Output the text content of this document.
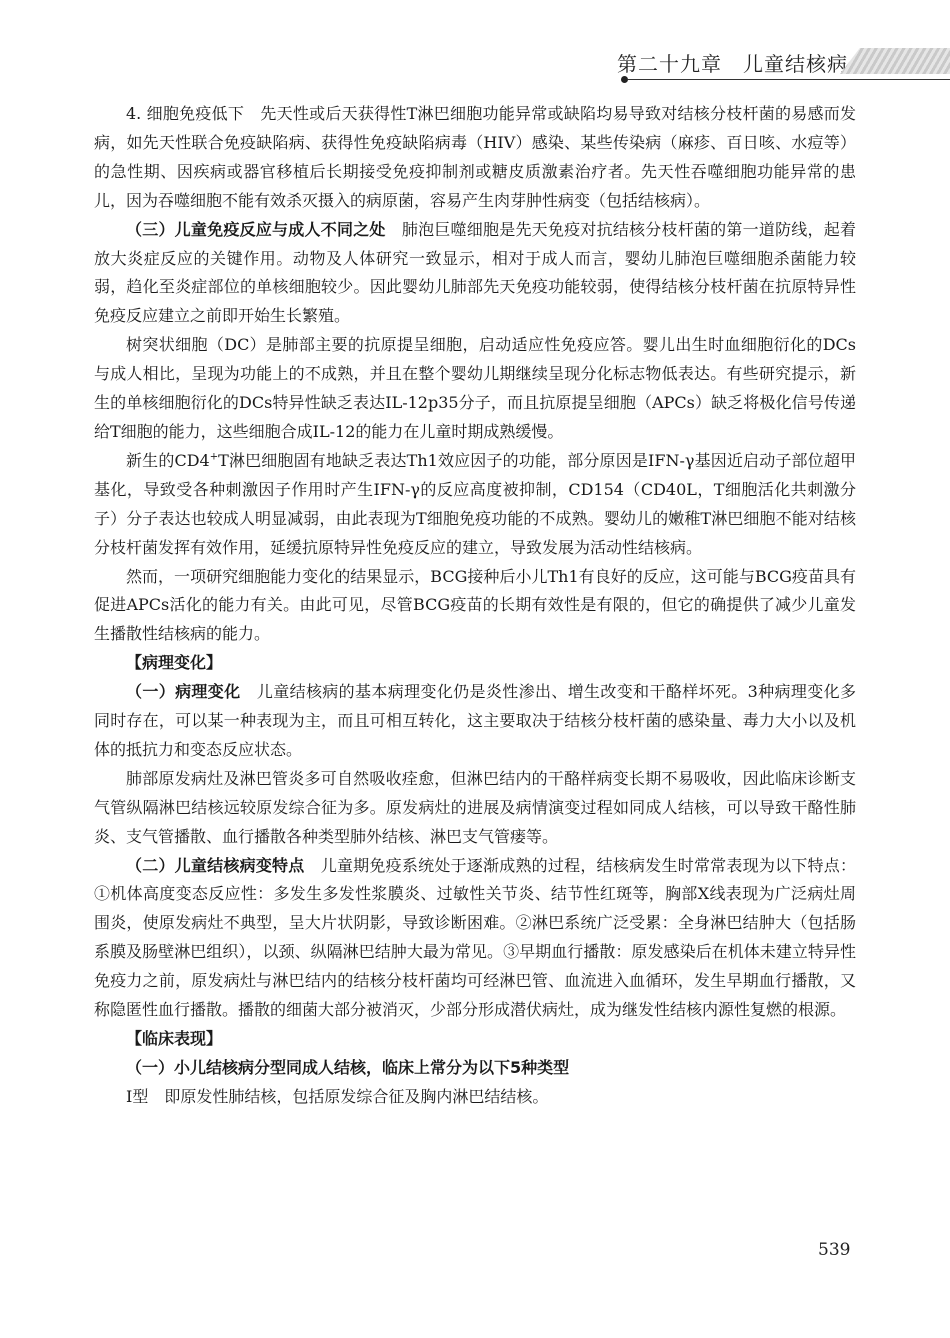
第二十九章　儿童结核病

4. 细胞免疫低下　先天性或后天获得性T淋巴细胞功能异常或缺陷均易导致对结核分枝杆菌的易感而发病，如先天性联合免疫缺陷病、获得性免疫缺陷病毒（HIV）感染、某些传染病（麻疹、百日咳、水痘等）的急性期、因疾病或器官移植后长期接受免疫抑制剂或糖皮质激素治疗者。先天性吞噬细胞功能异常的患儿，因为吞噬细胞不能有效杀灭摄入的病原菌，容易产生肉芽肿性病变（包括结核病）。

（三）儿童免疫反应与成人不同之处　肺泡巨噬细胞是先天免疫对抗结核分枝杆菌的第一道防线，起着放大炎症反应的关键作用。动物及人体研究一致显示，相对于成人而言，婴幼儿肺泡巨噬细胞杀菌能力较弱，趋化至炎症部位的单核细胞较少。因此婴幼儿肺部先天免疫功能较弱，使得结核分枝杆菌在抗原特异性免疫反应建立之前即开始生长繁殖。

树突状细胞（DC）是肺部主要的抗原提呈细胞，启动适应性免疫应答。婴儿出生时血细胞衍化的DCs与成人相比，呈现为功能上的不成熟，并且在整个婴幼儿期继续呈现分化标志物低表达。有些研究提示，新生的单核细胞衍化的DCs特异性缺乏表达IL-12p35分子，而且抗原提呈细胞（APCs）缺乏将极化信号传递给T细胞的能力，这些细胞合成IL-12的能力在儿童时期成熟缓慢。

新生的CD4+T淋巴细胞固有地缺乏表达Th1效应因子的功能，部分原因是IFN-γ基因近启动子部位超甲基化，导致受各种刺激因子作用时产生IFN-γ的反应高度被抑制，CD154（CD40L，T细胞活化共刺激分子）分子表达也较成人明显减弱，由此表现为T细胞免疫功能的不成熟。婴幼儿的嫩稚T淋巴细胞不能对结核分枝杆菌发挥有效作用，延缓抗原特异性免疫反应的建立，导致发展为活动性结核病。

然而，一项研究细胞能力变化的结果显示，BCG接种后小儿Th1有良好的反应，这可能与BCG疫苗具有促进APCs活化的能力有关。由此可见，尽管BCG疫苗的长期有效性是有限的，但它的确提供了减少儿童发生播散性结核病的能力。

【病理变化】

（一）病理变化　儿童结核病的基本病理变化仍是炎性渗出、增生改变和干酪样坏死。3种病理变化多同时存在，可以某一种表现为主，而且可相互转化，这主要取决于结核分枝杆菌的感染量、毒力大小以及机体的抵抗力和变态反应状态。

肺部原发病灶及淋巴管炎多可自然吸收痊愈，但淋巴结内的干酪样病变长期不易吸收，因此临床诊断支气管纵隔淋巴结核远较原发综合征为多。原发病灶的进展及病情演变过程如同成人结核，可以导致干酪性肺炎、支气管播散、血行播散各种类型肺外结核、淋巴支气管瘘等。

（二）儿童结核病变特点　儿童期免疫系统处于逐渐成熟的过程，结核病发生时常常表现为以下特点：①机体高度变态反应性：多发生多发性浆膜炎、过敏性关节炎、结节性红斑等，胸部X线表现为广泛病灶周围炎，使原发病灶不典型，呈大片状阴影，导致诊断困难。②淋巴系统广泛受累：全身淋巴结肿大（包括肠系膜及肠壁淋巴组织），以颈、纵隔淋巴结肿大最为常见。③早期血行播散：原发感染后在机体未建立特异性免疫力之前，原发病灶与淋巴结内的结核分枝杆菌均可经淋巴管、血流进入血循环，发生早期血行播散，又称隐匿性血行播散。播散的细菌大部分被消灭，少部分形成潜伏病灶，成为继发性结核内源性复燃的根源。

【临床表现】

（一）小儿结核病分型同成人结核，临床上常分为以下5种类型

Ⅰ型　即原发性肺结核，包括原发综合征及胸内淋巴结结核。

539
